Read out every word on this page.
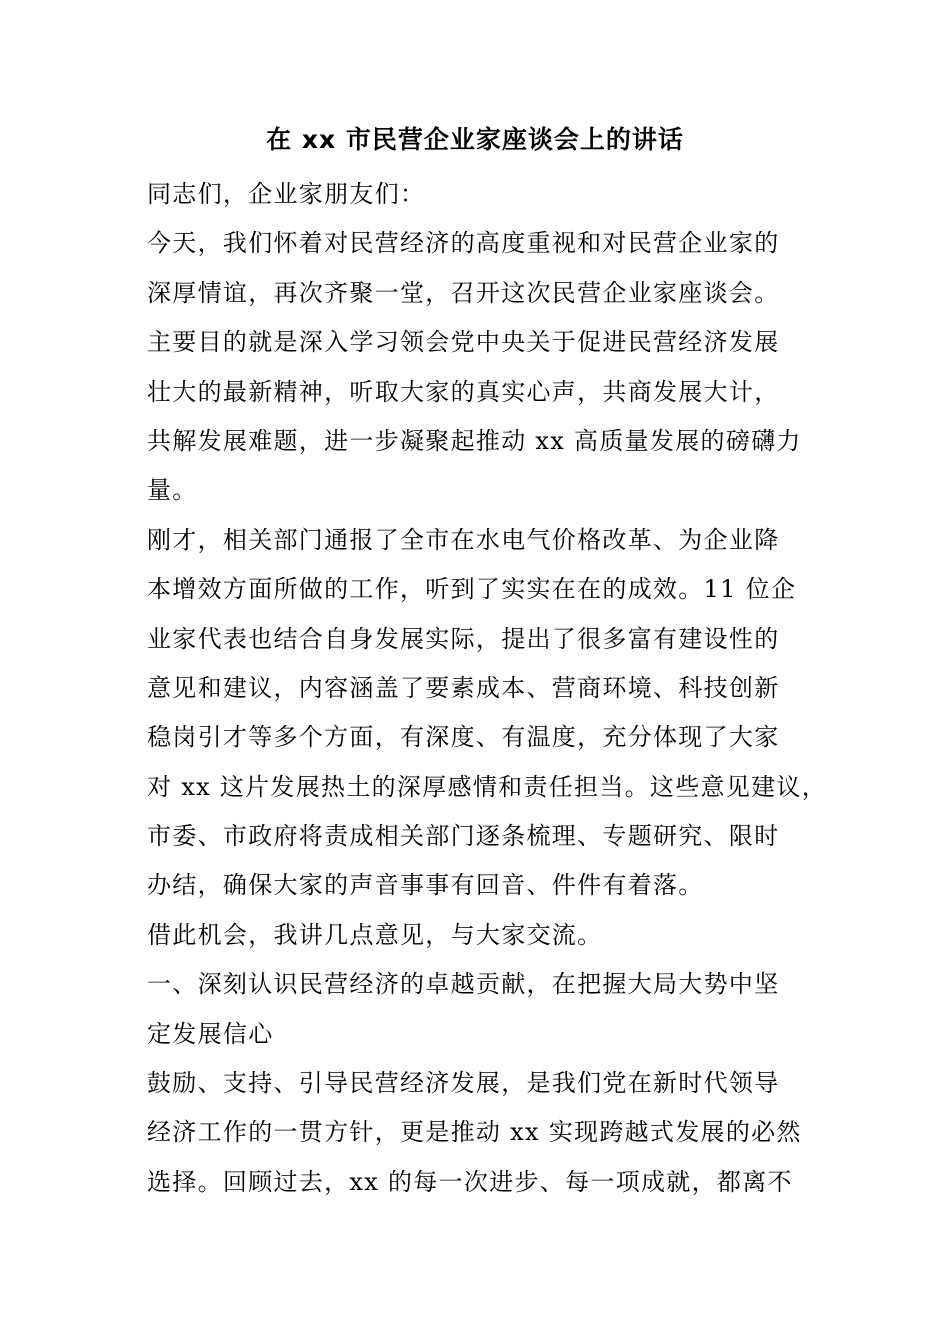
在 xx 市民营企业家座谈会上的讲话

同志们，企业家朋友们：

今天，我们怀着对民营经济的高度重视和对民营企业家的

深厚情谊，再次齐聚一堂，召开这次民营企业家座谈会。

主要目的就是深入学习领会党中央关于促进民营经济发展

壮大的最新精神，听取大家的真实心声，共商发展大计，

共解发展难题，进一步凝聚起推动 xx 高质量发展的磅礴力

量。

刚才，相关部门通报了全市在水电气价格改革、为企业降

本增效方面所做的工作，听到了实实在在的成效。11 位企

业家代表也结合自身发展实际，提出了很多富有建设性的

意见和建议，内容涵盖了要素成本、营商环境、科技创新

稳岗引才等多个方面，有深度、有温度，充分体现了大家

对 xx 这片发展热土的深厚感情和责任担当。这些意见建议，

市委、市政府将责成相关部门逐条梳理、专题研究、限时

办结，确保大家的声音事事有回音、件件有着落。

借此机会，我讲几点意见，与大家交流。

一、深刻认识民营经济的卓越贡献，在把握大局大势中坚

定发展信心

鼓励、支持、引导民营经济发展，是我们党在新时代领导

经济工作的一贯方针，更是推动 xx 实现跨越式发展的必然

选择。回顾过去，xx 的每一次进步、每一项成就，都离不
